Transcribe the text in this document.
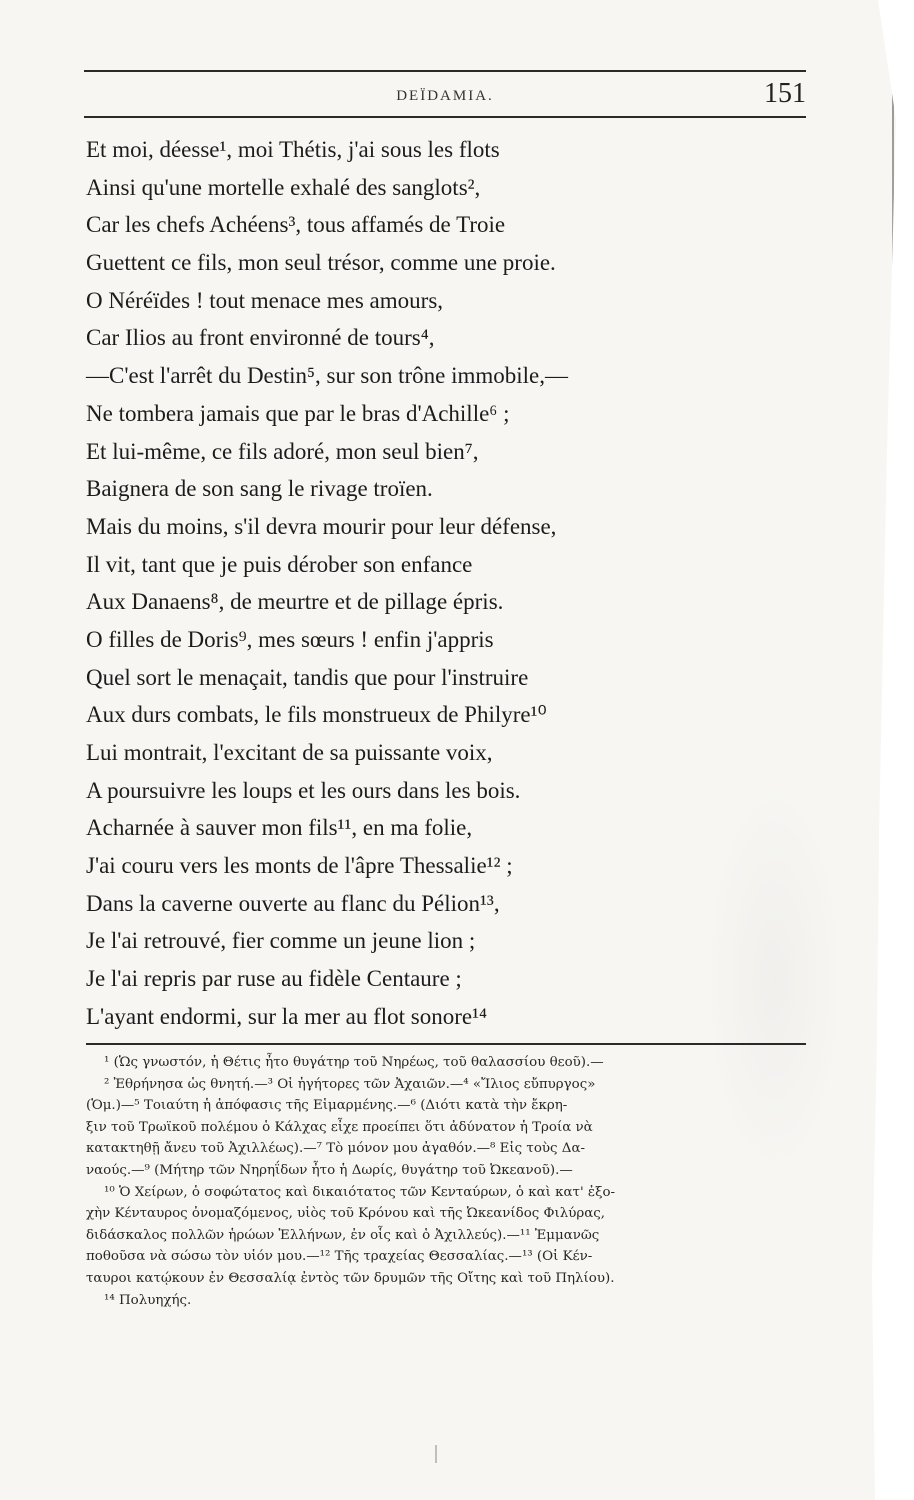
DEÏDAMIA.	151
Et moi, déesse¹, moi Thétis, j'ai sous les flots
Ainsi qu'une mortelle exhalé des sanglots²,
Car les chefs Achéens³, tous affamés de Troie
Guettent ce fils, mon seul trésor, comme une proie.
O Néréïdes ! tout menace mes amours,
Car Ilios au front environné de tours⁴,
—C'est l'arrêt du Destin⁵, sur son trône immobile,—
Ne tombera jamais que par le bras d'Achille⁶ ;
Et lui-même, ce fils adoré, mon seul bien⁷,
Baignera de son sang le rivage troïen.
Mais du moins, s'il devra mourir pour leur défense,
Il vit, tant que je puis dérober son enfance
Aux Danaens⁸, de meurtre et de pillage épris.
O filles de Doris⁹, mes sœurs ! enfin j'appris
Quel sort le menaçait, tandis que pour l'instruire
Aux durs combats, le fils monstrueux de Philyre¹⁰
Lui montrait, l'excitant de sa puissante voix,
A poursuivre les loups et les ours dans les bois.
Acharnée à sauver mon fils¹¹, en ma folie,
J'ai couru vers les monts de l'âpre Thessalie¹² ;
Dans la caverne ouverte au flanc du Pélion¹³,
Je l'ai retrouvé, fier comme un jeune lion ;
Je l'ai repris par ruse au fidèle Centaure ;
L'ayant endormi, sur la mer au flot sonore¹⁴
¹ (Ὡς γνωστόν, ἡ Θέτις ἦτο θυγάτηρ τοῦ Νηρέως, τοῦ θαλασσίου θεοῦ).—
² Ἐθρήνησα ὡς θνητή.—³ Οἱ ἡγήτορες τῶν Ἀχαιῶν.—⁴ «Ἴλιος εὔπυργος»
(Ὁμ.)—⁵ Τοιαύτη ἡ ἀπόφασις τῆς Εἱμαρμένης.—⁶ (Διότι κατὰ τὴν ἔκρη-
ξιν τοῦ Τρωϊκοῦ πολέμου ὁ Κάλχας εἶχε προείπει ὅτι ἀδύνατον ἡ Τροία νὰ
κατακτηθῇ ἄνευ τοῦ Ἀχιλλέως).—⁷ Τὸ μόνον μου ἀγαθόν.—⁸ Εἰς τοὺς Δα-
ναούς.—⁹ (Μήτηρ τῶν Νηρηΐδων ἦτο ἡ Δωρίς, θυγάτηρ τοῦ Ὠκεανοῦ).—
¹⁰ Ὁ Χείρων, ὁ σοφώτατος καὶ δικαιότατος τῶν Κενταύρων, ὁ καὶ κατ' ἐξο-
χὴν Κένταυρος ὀνομαζόμενος, υἱὸς τοῦ Κρόνου καὶ τῆς Ὠκεανίδος Φιλύρας,
διδάσκαλος πολλῶν ἡρώων Ἑλλήνων, ἐν οἷς καὶ ὁ Ἀχιλλεύς).—¹¹ Ἐμμανῶς
ποθοῦσα νὰ σώσω τὸν υἱόν μου.—¹² Τῆς τραχείας Θεσσαλίας.—¹³ (Οἱ Κέν-
ταυροι κατῴκουν ἐν Θεσσαλίᾳ ἐντὸς τῶν δρυμῶν τῆς Οἴτης καὶ τοῦ Πηλίου).
¹⁴ Πολυηχής.
